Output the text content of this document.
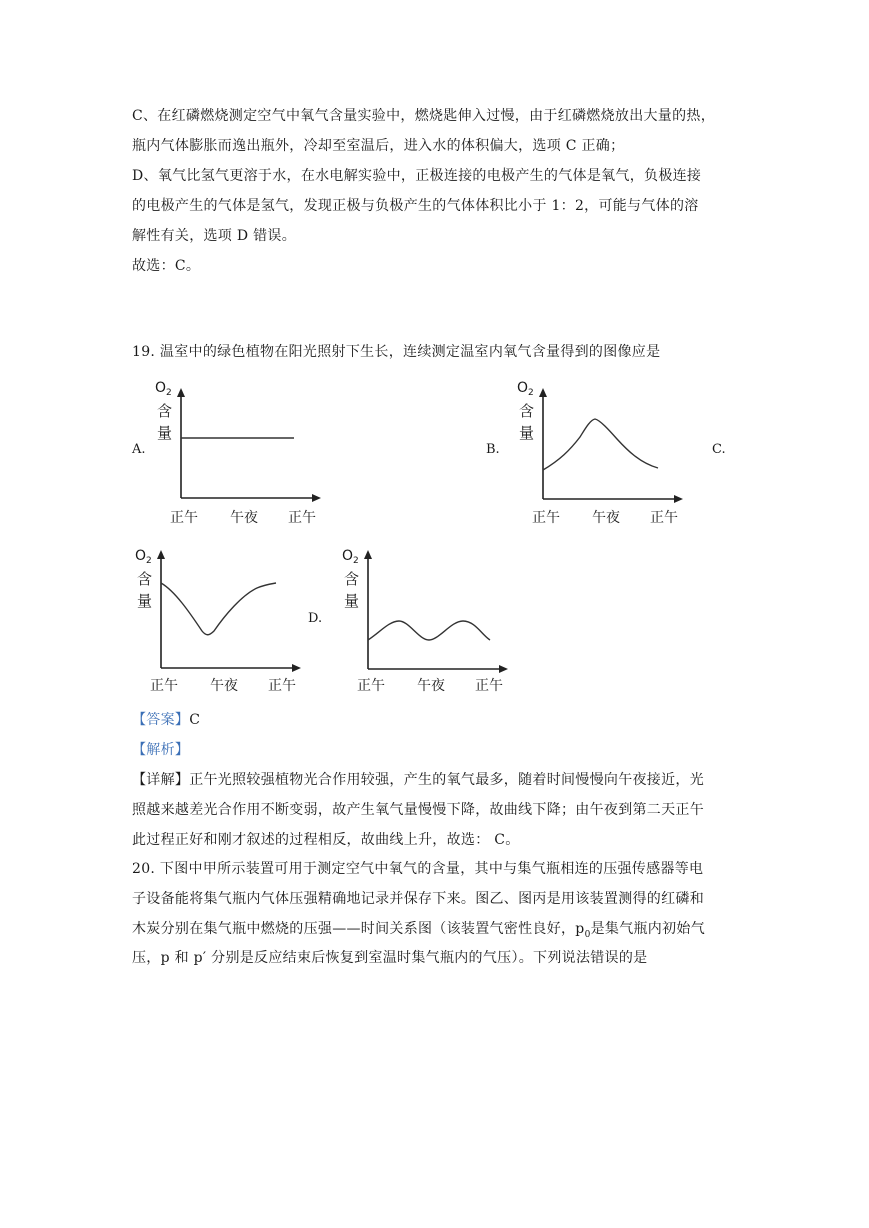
C、在红磷燃烧测定空气中氧气含量实验中，燃烧匙伸入过慢，由于红磷燃烧放出大量的热，
瓶内气体膨胀而逸出瓶外，冷却至室温后，进入水的体积偏大，选项 C 正确；
D、氧气比氢气更溶于水，在水电解实验中，正极连接的电极产生的气体是氧气，负极连接
的电极产生的气体是氢气，发现正极与负极产生的气体体积比小于 1：2，可能与气体的溶
解性有关，选项 D 错误。
故选：C。
19. 温室中的绿色植物在阳光照射下生长，连续测定温室内氧气含量得到的图像应是
A.
$O_2$
含
量
正午 午夜 正午
B.
$O_2$
含
量
正午 午夜 正午
C.
$O_2$
含
量
正午 午夜 正午
D.
$O_2$
含
量
正午 午夜 正午
【答案】C
【解析】
【详解】正午光照较强植物光合作用较强，产生的氧气最多，随着时间慢慢向午夜接近，光
照越来越差光合作用不断变弱，故产生氧气量慢慢下降，故曲线下降；由午夜到第二天正午
此过程正好和刚才叙述的过程相反，故曲线上升，故选： C。
20. 下图中甲所示装置可用于测定空气中氧气的含量，其中与集气瓶相连的压强传感器等电
子设备能将集气瓶内气体压强精确地记录并保存下来。图乙、图丙是用该装置测得的红磷和
木炭分别在集气瓶中燃烧的压强——时间关系图（该装置气密性良好，$p_0$是集气瓶内初始气
压，p 和 p′ 分别是反应结束后恢复到室温时集气瓶内的气压）。下列说法错误的是
